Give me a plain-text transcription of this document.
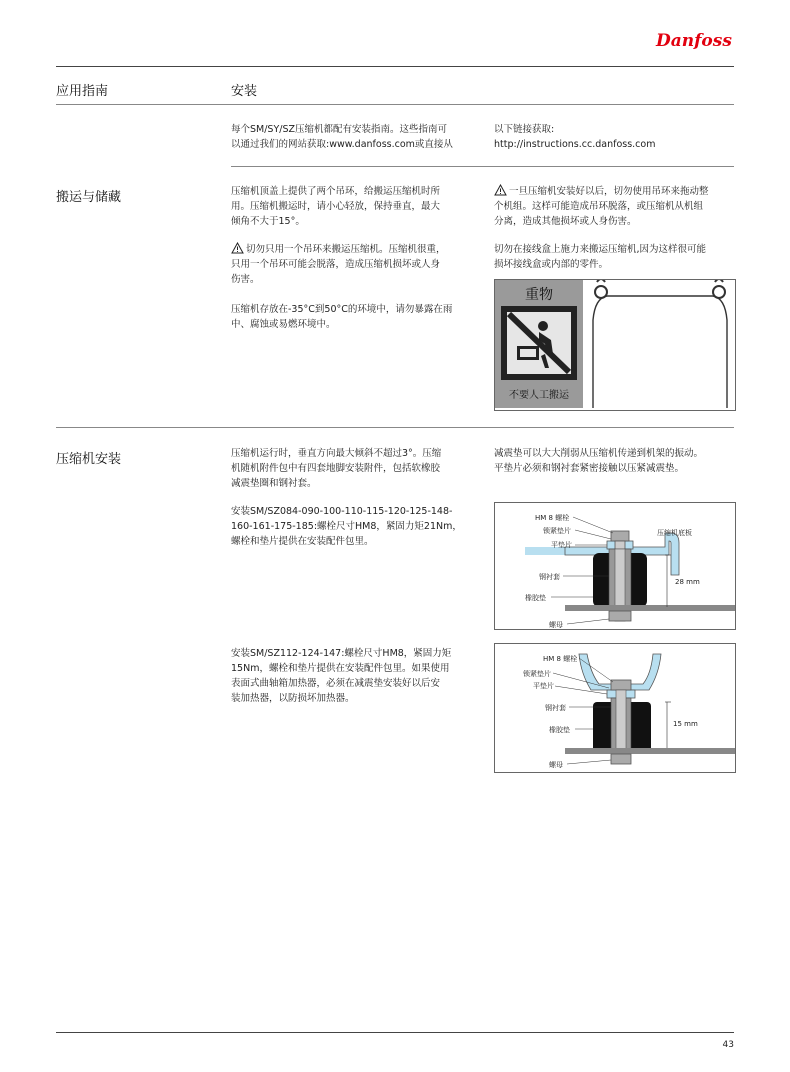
Danfoss
应用指南	安装
每个SM/SY/SZ压缩机都配有安装指南。这些指南可
以通过我们的网站获取:www.danfoss.com或直接从
以下链接获取:
http://instructions.cc.danfoss.com
搬运与储藏	压缩机顶盖上提供了两个吊环，给搬运压缩机时所
用。压缩机搬运时，请小心轻放，保持垂直，最大
倾角不大于15°。
切勿只用一个吊环来搬运压缩机。压缩机很重，
只用一个吊环可能会脱落，造成压缩机损坏或人身
伤害。
压缩机存放在-35°C到50°C的环境中，请勿暴露在雨
中、腐蚀或易燃环境中。
一旦压缩机安装好以后，切勿使用吊环来拖动整
个机组。这样可能造成吊环脱落，或压缩机从机组
分离，造成其他损坏或人身伤害。
切勿在接线盒上施力来搬运压缩机,因为这样很可能
损坏接线盒或内部的零件。
重物
不要人工搬运
压缩机安装	压缩机运行时，垂直方向最大倾斜不超过3°。压缩
机随机附件包中有四套地脚安装附件，包括软橡胶
减震垫圈和钢衬套。
安装SM/SZ084-090-100-110-115-120-125-148-
160-161-175-185:螺栓尺寸HM8，紧固力矩21Nm，
螺栓和垫片提供在安装配件包里。
安装SM/SZ112-124-147:螺栓尺寸HM8，紧固力矩
15Nm，螺栓和垫片提供在安装配件包里。如果使用
表面式曲轴箱加热器，必须在减震垫安装好以后安
装加热器，以防损坏加热器。
减震垫可以大大削弱从压缩机传递到机架的振动。
平垫片必须和钢衬套紧密接触以压紧减震垫。
28 mm
HM 8 螺栓
锁紧垫片
平垫片
压缩机底板
钢衬套
橡胶垫
螺母
15 mm
HM 8 螺栓
锁紧垫片
平垫片
钢衬套
橡胶垫
螺母
43
